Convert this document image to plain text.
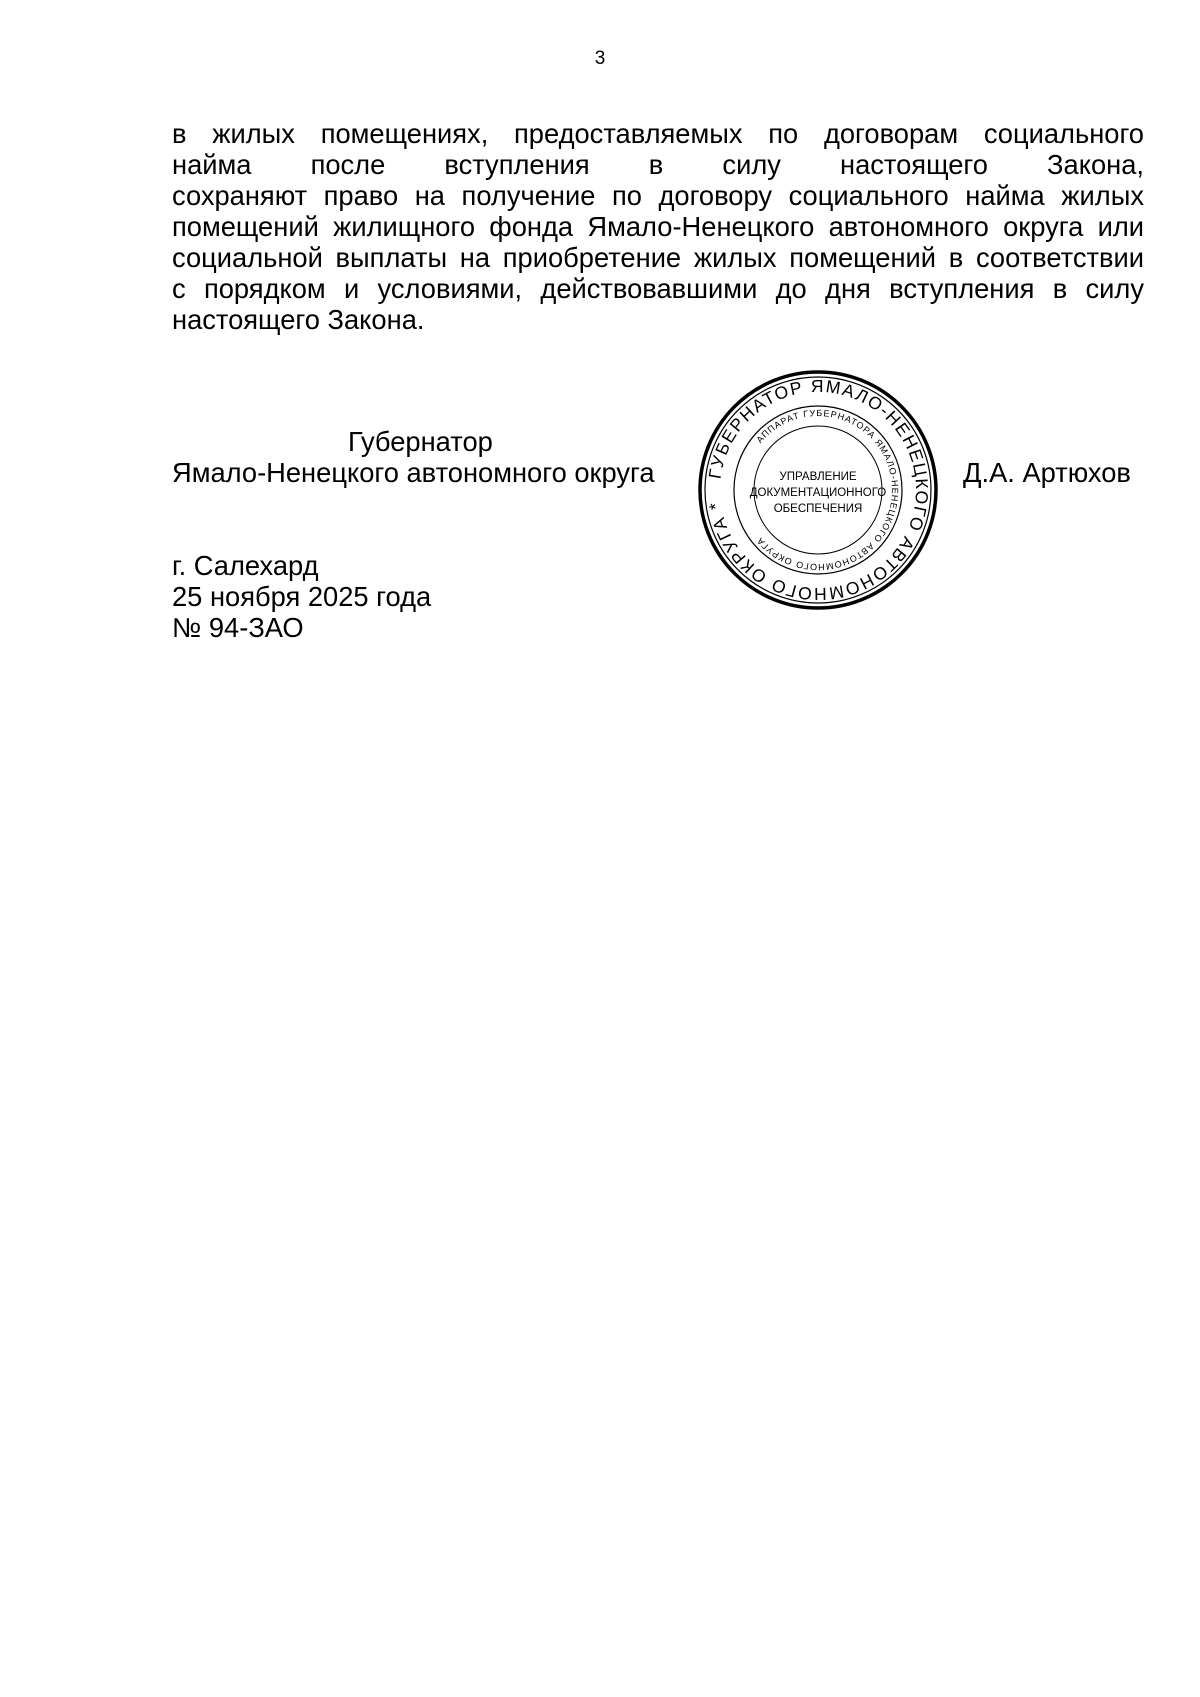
3
в жилых помещениях, предоставляемых по договорам социального
найма после вступления в силу настоящего Закона,
сохраняют право на получение по договору социального найма жилых
помещений жилищного фонда Ямало-Ненецкого автономного округа или
социальной выплаты на приобретение жилых помещений в соответствии
с порядком и условиями, действовавшими до дня вступления в силу
настоящего Закона.
Губернатор
Ямало-Ненецкого автономного округа	ГУБЕРНАТОР ЯМАЛО-НЕНЕЦКОГО АВТОНОМНОГО ОКРУГА *
АППАРАТ ГУБЕРНАТОРА ЯМАЛО-НЕНЕЦКОГО АВТОНОМНОГО ОКРУГА
УПРАВЛЕНИЕ
ДОКУМЕНТАЦИОННОГО
ОБЕСПЕЧЕНИЯ
Д.А. Артюхов
г. Салехард
25 ноября 2025 года
№ 94-ЗАО
